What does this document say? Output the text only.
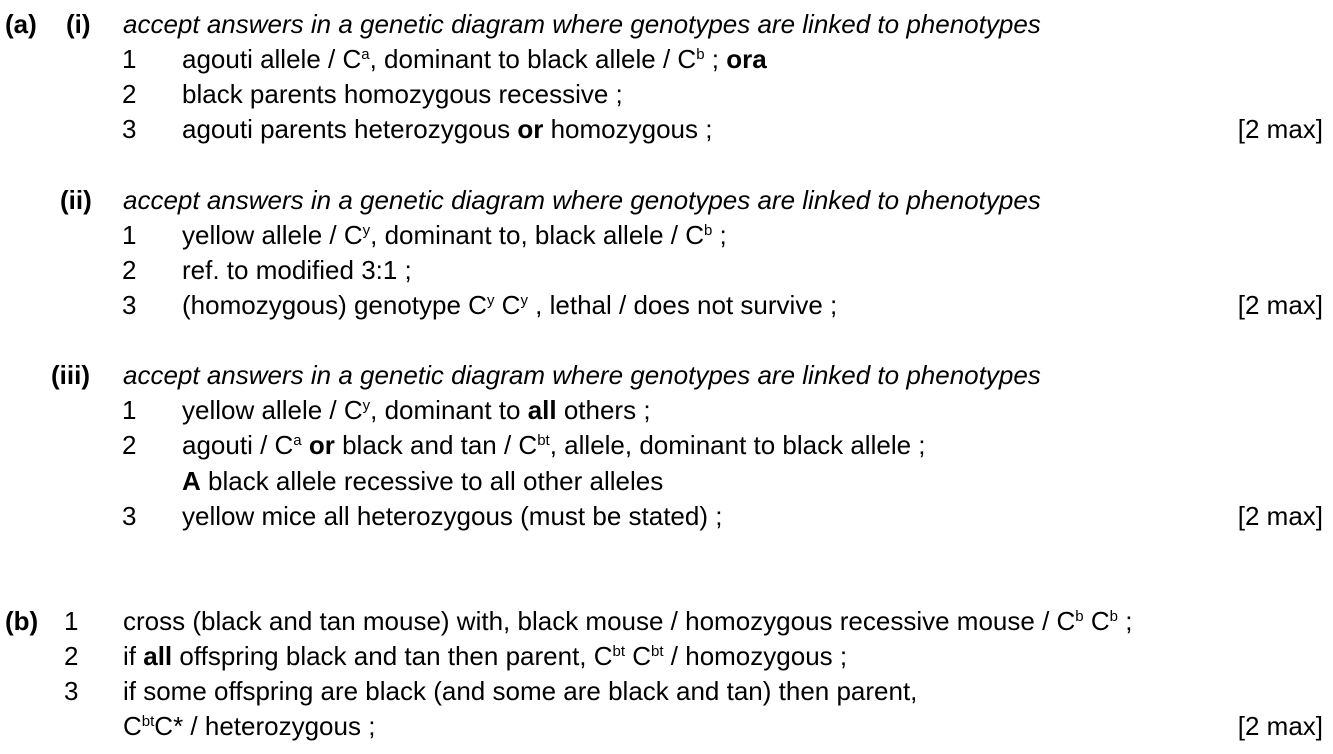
(a) (i) accept answers in a genetic diagram where genotypes are linked to phenotypes
1 agouti allele / $C^a$, dominant to black allele / $C^b$ ; ora
2 black parents homozygous recessive ;
3 agouti parents heterozygous or homozygous ;	[2 max]
(ii) accept answers in a genetic diagram where genotypes are linked to phenotypes
1 yellow allele / $C^y$, dominant to, black allele / $C^b$ ;
2 ref. to modified 3:1 ;
3 (homozygous) genotype $C^y$ $C^y$ , lethal / does not survive ;	[2 max]
(iii) accept answers in a genetic diagram where genotypes are linked to phenotypes
1 yellow allele / $C^y$, dominant to all others ;
2 agouti / $C^a$ or black and tan / $C^{bt}$, allele, dominant to black allele ;
A black allele recessive to all other alleles
3 yellow mice all heterozygous (must be stated) ;	[2 max]
(b) 1 cross (black and tan mouse) with, black mouse / homozygous recessive mouse / $C^b$ $C^b$ ;
2 if all offspring black and tan then parent, $C^{bt}$ $C^{bt}$ / homozygous ;
3 if some offspring are black (and some are black and tan) then parent,
$C^{bt}C*$ / heterozygous ;	[2 max]
